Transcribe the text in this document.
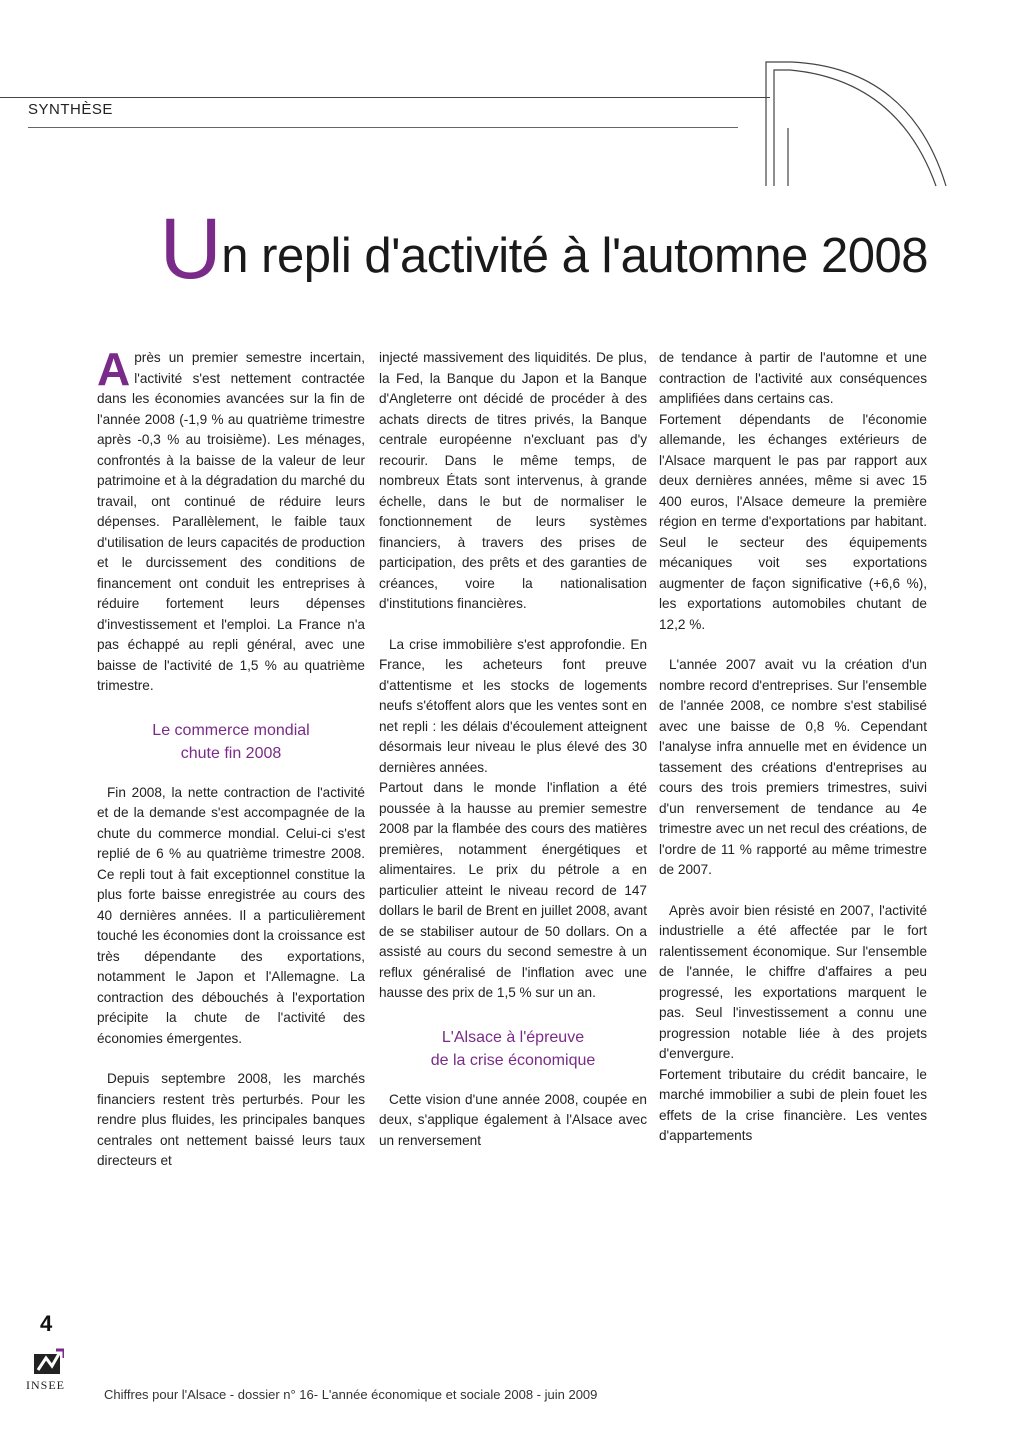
SYNTHÈSE
Un repli d'activité à l'automne 2008

Après un premier semestre incertain, l'activité s'est nettement contractée dans les économies avancées sur la fin de l'année 2008 (-1,9 % au quatrième trimestre après -0,3 % au troisième). Les ménages, confrontés à la baisse de la valeur de leur patrimoine et à la dégradation du marché du travail, ont continué de réduire leurs dépenses. Parallèlement, le faible taux d'utilisation de leurs capacités de production et le durcissement des conditions de financement ont conduit les entreprises à réduire fortement leurs dépenses d'investissement et l'emploi. La France n'a pas échappé au repli général, avec une baisse de l'activité de 1,5 % au quatrième trimestre.

Le commerce mondial
chute fin 2008

Fin 2008, la nette contraction de l'activité et de la demande s'est accompagnée de la chute du commerce mondial. Celui-ci s'est replié de 6 % au quatrième trimestre 2008. Ce repli tout à fait exceptionnel constitue la plus forte baisse enregistrée au cours des 40 dernières années. Il a particulièrement touché les économies dont la croissance est très dépendante des exportations, notamment le Japon et l'Allemagne. La contraction des débouchés à l'exportation précipite la chute de l'activité des économies émergentes.

Depuis septembre 2008, les marchés financiers restent très perturbés. Pour les rendre plus fluides, les principales banques centrales ont nettement baissé leurs taux directeurs et

injecté massivement des liquidités. De plus, la Fed, la Banque du Japon et la Banque d'Angleterre ont décidé de procéder à des achats directs de titres privés, la Banque centrale européenne n'excluant pas d'y recourir. Dans le même temps, de nombreux États sont intervenus, à grande échelle, dans le but de normaliser le fonctionnement de leurs systèmes financiers, à travers des prises de participation, des prêts et des garanties de créances, voire la nationalisation d'institutions financières.

La crise immobilière s'est approfondie. En France, les acheteurs font preuve d'attentisme et les stocks de logements neufs s'étoffent alors que les ventes sont en net repli : les délais d'écoulement atteignent désormais leur niveau le plus élevé des 30 dernières années.

Partout dans le monde l'inflation a été poussée à la hausse au premier semestre 2008 par la flambée des cours des matières premières, notamment énergétiques et alimentaires. Le prix du pétrole a en particulier atteint le niveau record de 147 dollars le baril de Brent en juillet 2008, avant de se stabiliser autour de 50 dollars. On a assisté au cours du second semestre à un reflux généralisé de l'inflation avec une hausse des prix de 1,5 % sur un an.

L'Alsace à l'épreuve
de la crise économique

Cette vision d'une année 2008, coupée en deux, s'applique également à l'Alsace avec un renversement

de tendance à partir de l'automne et une contraction de l'activité aux conséquences amplifiées dans certains cas.

Fortement dépendants de l'économie allemande, les échanges extérieurs de l'Alsace marquent le pas par rapport aux deux dernières années, même si avec 15 400 euros, l'Alsace demeure la première région en terme d'exportations par habitant. Seul le secteur des équipements mécaniques voit ses exportations augmenter de façon significative (+6,6 %), les exportations automobiles chutant de 12,2 %.

L'année 2007 avait vu la création d'un nombre record d'entreprises. Sur l'ensemble de l'année 2008, ce nombre s'est stabilisé avec une baisse de 0,8 %. Cependant l'analyse infra annuelle met en évidence un tassement des créations d'entreprises au cours des trois premiers trimestres, suivi d'un renversement de tendance au 4e trimestre avec un net recul des créations, de l'ordre de 11 % rapporté au même trimestre de 2007.

Après avoir bien résisté en 2007, l'activité industrielle a été affectée par le fort ralentissement économique. Sur l'ensemble de l'année, le chiffre d'affaires a peu progressé, les exportations marquent le pas. Seul l'investissement a connu une progression notable liée à des projets d'envergure.

Fortement tributaire du crédit bancaire, le marché immobilier a subi de plein fouet les effets de la crise financière. Les ventes d'appartements

4
INSEE
Chiffres pour l'Alsace - dossier n° 16- L'année économique et sociale 2008 - juin 2009
